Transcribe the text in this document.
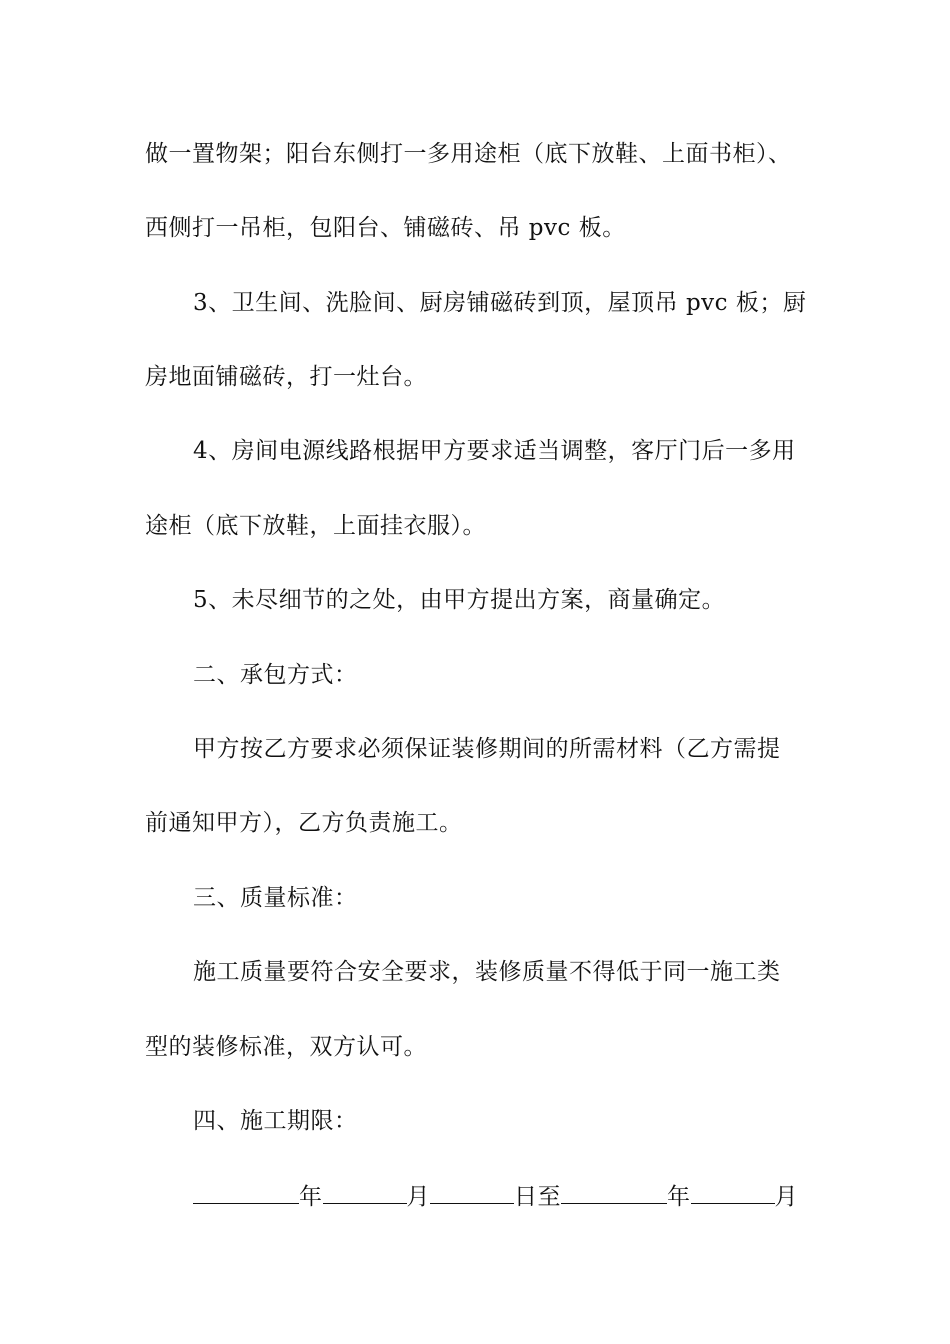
做一置物架；阳台东侧打一多用途柜（底下放鞋、上面书柜）、
西侧打一吊柜，包阳台、铺磁砖、吊 pvc 板。
3、卫生间、洗脸间、厨房铺磁砖到顶，屋顶吊 pvc 板；厨
房地面铺磁砖，打一灶台。
4、房间电源线路根据甲方要求适当调整，客厅门后一多用
途柜（底下放鞋，上面挂衣服）。
5、未尽细节的之处，由甲方提出方案，商量确定。
二、承包方式：
甲方按乙方要求必须保证装修期间的所需材料（乙方需提
前通知甲方），乙方负责施工。
三、质量标准：
施工质量要符合安全要求，装修质量不得低于同一施工类
型的装修标准，双方认可。
四、施工期限：
年	月	日至	年	月
